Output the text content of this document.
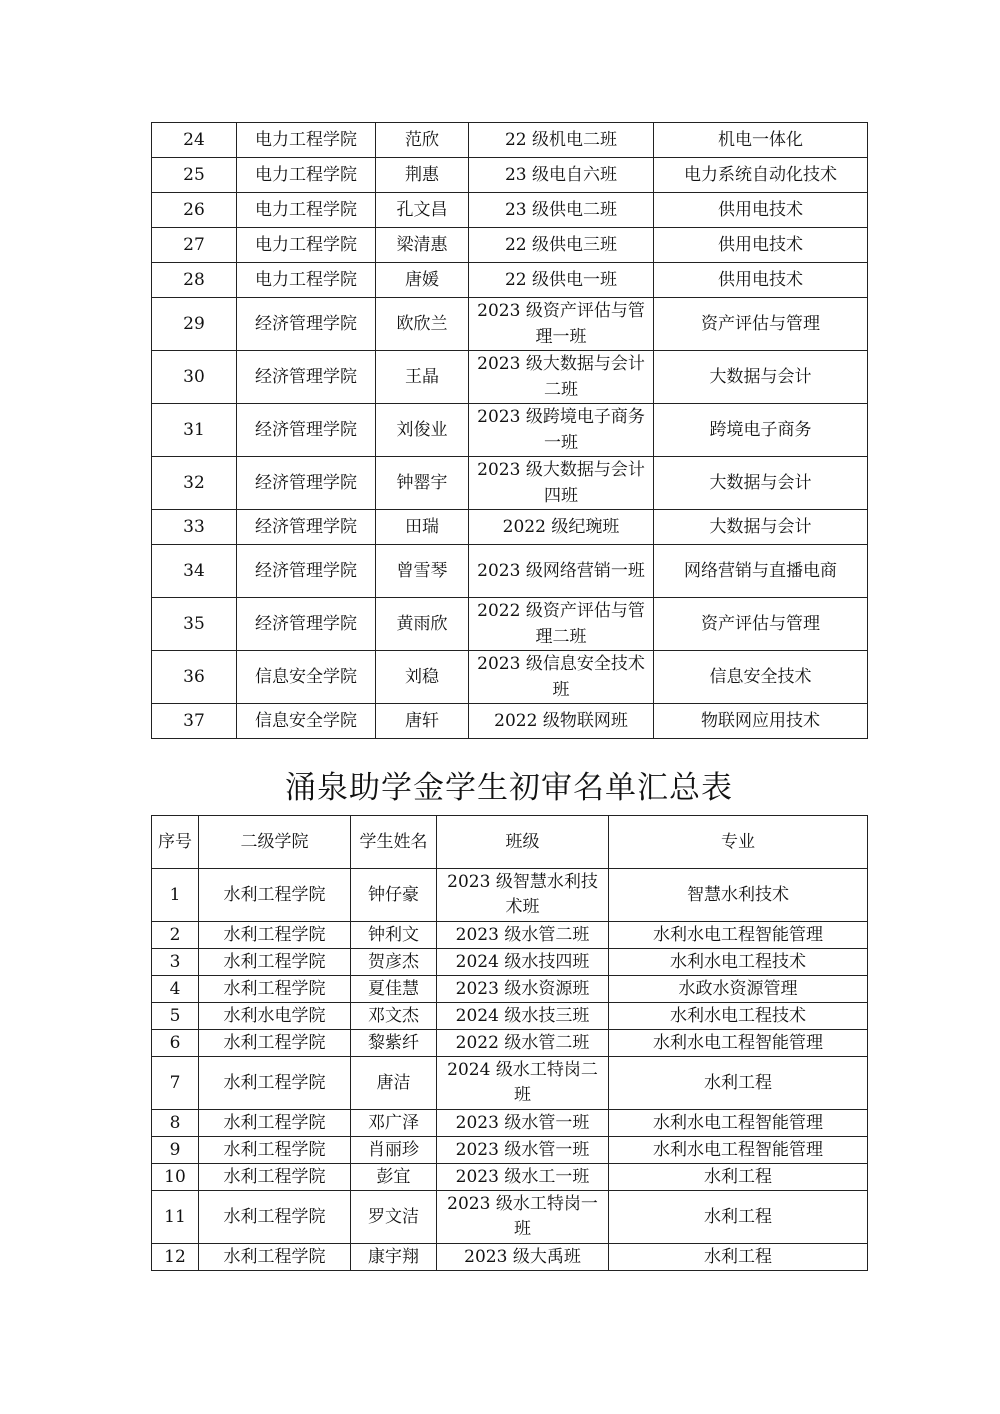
24	电力工程学院	范欣	22 级机电二班	机电一体化
25	电力工程学院	荆惠	23 级电自六班	电力系统自动化技术
26	电力工程学院	孔文昌	23 级供电二班	供用电技术
27	电力工程学院	梁清惠	22 级供电三班	供用电技术
28	电力工程学院	唐媛	22 级供电一班	供用电技术
29	经济管理学院	欧欣兰	2023 级资产评估与管理一班	资产评估与管理
30	经济管理学院	王晶	2023 级大数据与会计二班	大数据与会计
31	经济管理学院	刘俊业	2023 级跨境电子商务一班	跨境电子商务
32	经济管理学院	钟罂宇	2023 级大数据与会计四班	大数据与会计
33	经济管理学院	田瑞	2022 级纪琬班	大数据与会计
34	经济管理学院	曾雪琴	2023 级网络营销一班	网络营销与直播电商
35	经济管理学院	黄雨欣	2022 级资产评估与管理二班	资产评估与管理
36	信息安全学院	刘稳	2023 级信息安全技术班	信息安全技术
37	信息安全学院	唐轩	2022 级物联网班	物联网应用技术
涌泉助学金学生初审名单汇总表
序号	二级学院	学生姓名	班级	专业
1	水利工程学院	钟仔豪	2023 级智慧水利技术班	智慧水利技术
2	水利工程学院	钟利文	2023 级水管二班	水利水电工程智能管理
3	水利工程学院	贺彦杰	2024 级水技四班	水利水电工程技术
4	水利工程学院	夏佳慧	2023 级水资源班	水政水资源管理
5	水利水电学院	邓文杰	2024 级水技三班	水利水电工程技术
6	水利工程学院	黎紫纤	2022 级水管二班	水利水电工程智能管理
7	水利工程学院	唐洁	2024 级水工特岗二班	水利工程
8	水利工程学院	邓广泽	2023 级水管一班	水利水电工程智能管理
9	水利工程学院	肖丽珍	2023 级水管一班	水利水电工程智能管理
10	水利工程学院	彭宜	2023 级水工一班	水利工程
11	水利工程学院	罗文洁	2023 级水工特岗一班	水利工程
12	水利工程学院	康宇翔	2023 级大禹班	水利工程
